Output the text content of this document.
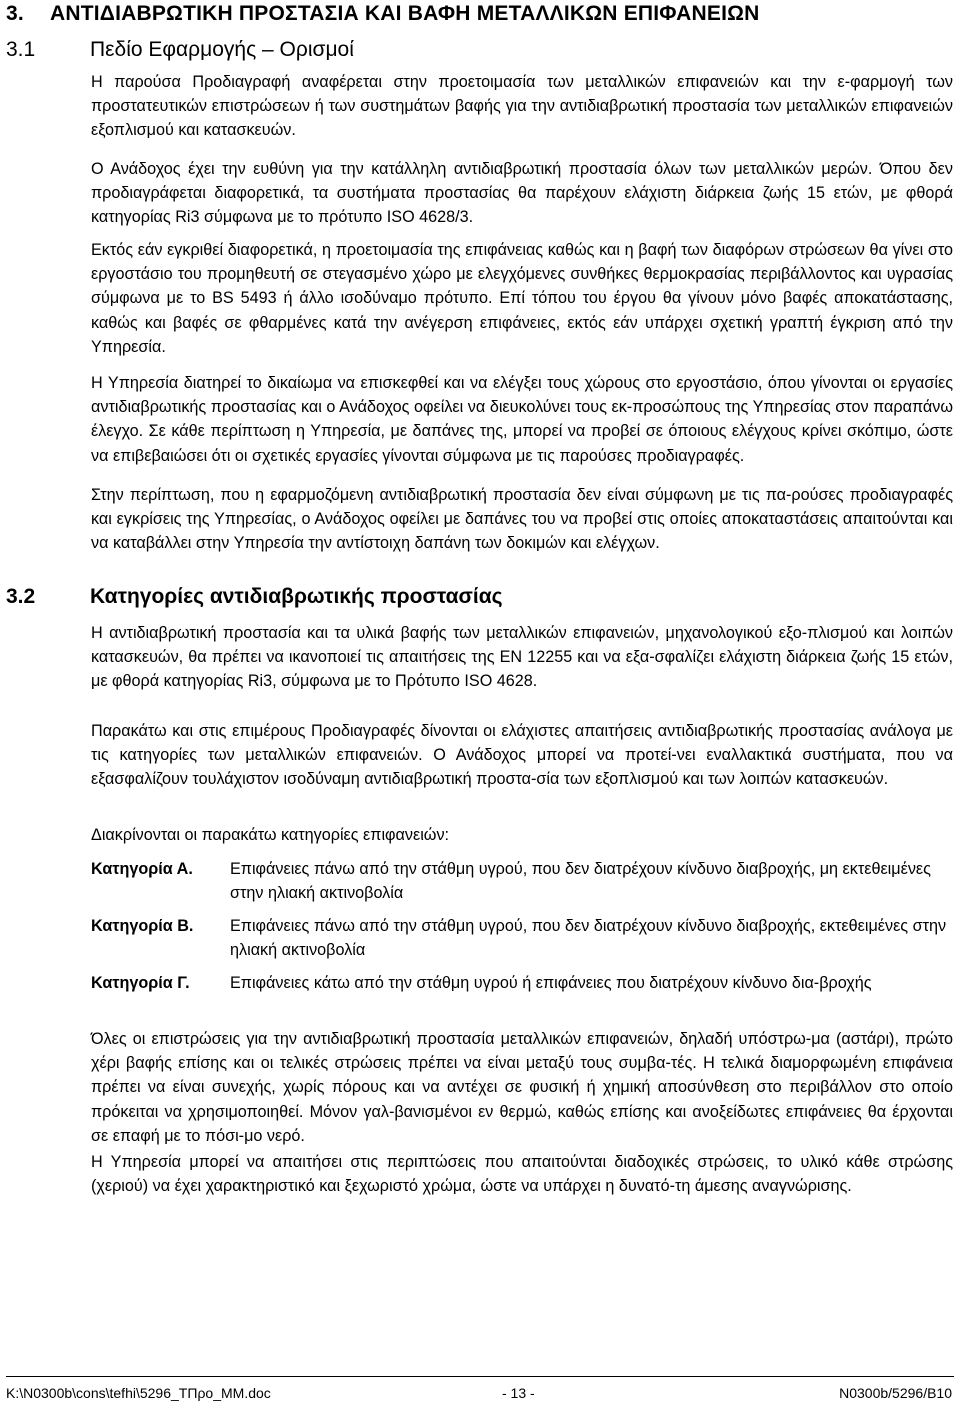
3. ΑΝΤΙΔΙΑΒΡΩΤΙΚΗ ΠΡΟΣΤΑΣΙΑ ΚΑΙ ΒΑΦΗ ΜΕΤΑΛΛΙΚΩΝ ΕΠΙΦΑΝΕΙΩΝ
3.1	Πεδίο Εφαρμογής – Ορισμοί

Η παρούσα Προδιαγραφή αναφέρεται στην προετοιμασία των μεταλλικών επιφανειών και την ε-φαρμογή των προστατευτικών επιστρώσεων ή των συστημάτων βαφής για την αντιδιαβρωτική προστασία των μεταλλικών επιφανειών εξοπλισμού και κατασκευών.

Ο Ανάδοχος έχει την ευθύνη για την κατάλληλη αντιδιαβρωτική προστασία όλων των μεταλλικών μερών. Όπου δεν προδιαγράφεται διαφορετικά, τα συστήματα προστασίας θα παρέχουν ελάχιστη διάρκεια ζωής 15 ετών, με φθορά κατηγορίας Ri3 σύμφωνα με το πρότυπο ISO 4628/3.

Εκτός εάν εγκριθεί διαφορετικά, η προετοιμασία της επιφάνειας καθώς και η βαφή των διαφόρων στρώσεων θα γίνει στο εργοστάσιο του προμηθευτή σε στεγασμένο χώρο με ελεγχόμενες συνθήκες θερμοκρασίας περιβάλλοντος και υγρασίας σύμφωνα με το BS 5493 ή άλλο ισοδύναμο πρότυπο. Επί τόπου του έργου θα γίνουν μόνο βαφές αποκατάστασης, καθώς και βαφές σε φθαρμένες κατά την ανέγερση επιφάνειες, εκτός εάν υπάρχει σχετική γραπτή έγκριση από την Υπηρεσία.

Η Υπηρεσία διατηρεί το δικαίωμα να επισκεφθεί και να ελέγξει τους χώρους στο εργοστάσιο, όπου γίνονται οι εργασίες αντιδιαβρωτικής προστασίας και ο Ανάδοχος οφείλει να διευκολύνει τους εκ-προσώπους της Υπηρεσίας στον παραπάνω έλεγχο. Σε κάθε περίπτωση η Υπηρεσία, με δαπάνες της, μπορεί να προβεί σε όποιους ελέγχους κρίνει σκόπιμο, ώστε να επιβεβαιώσει ότι οι σχετικές εργασίες γίνονται σύμφωνα με τις παρούσες προδιαγραφές.

Στην περίπτωση, που η εφαρμοζόμενη αντιδιαβρωτική προστασία δεν είναι σύμφωνη με τις πα-ρούσες προδιαγραφές και εγκρίσεις της Υπηρεσίας, ο Ανάδοχος οφείλει με δαπάνες του να προβεί στις οποίες αποκαταστάσεις απαιτούνται και να καταβάλλει στην Υπηρεσία την αντίστοιχη δαπάνη των δοκιμών και ελέγχων.

3.2	Κατηγορίες αντιδιαβρωτικής προστασίας

Η αντιδιαβρωτική προστασία και τα υλικά βαφής των μεταλλικών επιφανειών, μηχανολογικού εξο-πλισμού και λοιπών κατασκευών, θα πρέπει να ικανοποιεί τις απαιτήσεις της EN 12255 και να εξα-σφαλίζει ελάχιστη διάρκεια ζωής 15 ετών, με φθορά κατηγορίας Ri3, σύμφωνα με το Πρότυπο ISO 4628.

Παρακάτω και στις επιμέρους Προδιαγραφές δίνονται οι ελάχιστες απαιτήσεις αντιδιαβρωτικής προστασίας ανάλογα με τις κατηγορίες των μεταλλικών επιφανειών. Ο Ανάδοχος μπορεί να προτεί-νει εναλλακτικά συστήματα, που να εξασφαλίζουν τουλάχιστον ισοδύναμη αντιδιαβρωτική προστα-σία των εξοπλισμού και των λοιπών κατασκευών.

Διακρίνονται οι παρακάτω κατηγορίες επιφανειών:

Κατηγορία Α. Επιφάνειες πάνω από την στάθμη υγρού, που δεν διατρέχουν κίνδυνο διαβροχής, μη εκτεθειμένες στην ηλιακή ακτινοβολία
Κατηγορία Β. Επιφάνειες πάνω από την στάθμη υγρού, που δεν διατρέχουν κίνδυνο διαβροχής, εκτεθειμένες στην ηλιακή ακτινοβολία
Κατηγορία Γ. Επιφάνειες κάτω από την στάθμη υγρού ή επιφάνειες που διατρέχουν κίνδυνο δια-βροχής

Όλες οι επιστρώσεις για την αντιδιαβρωτική προστασία μεταλλικών επιφανειών, δηλαδή υπόστρω-μα (αστάρι), πρώτο χέρι βαφής επίσης και οι τελικές στρώσεις πρέπει να είναι μεταξύ τους συμβα-τές. Η τελικά διαμορφωμένη επιφάνεια πρέπει να είναι συνεχής, χωρίς πόρους και να αντέχει σε φυσική ή χημική αποσύνθεση στο περιβάλλον στο οποίο πρόκειται να χρησιμοποιηθεί. Μόνον γαλ-βανισμένοι εν θερμώ, καθώς επίσης και ανοξείδωτες επιφάνειες θα έρχονται σε επαφή με το πόσι-μο νερό.

Η Υπηρεσία μπορεί να απαιτήσει στις περιπτώσεις που απαιτούνται διαδοχικές στρώσεις, το υλικό κάθε στρώσης (χεριού) να έχει χαρακτηριστικό και ξεχωριστό χρώμα, ώστε να υπάρχει η δυνατό-τη άμεσης αναγνώρισης.

K:\N0300b\cons\tefhi\5296_ΤΠρο_ΜΜ.doc	- 13 -	N0300b/5296/B10
